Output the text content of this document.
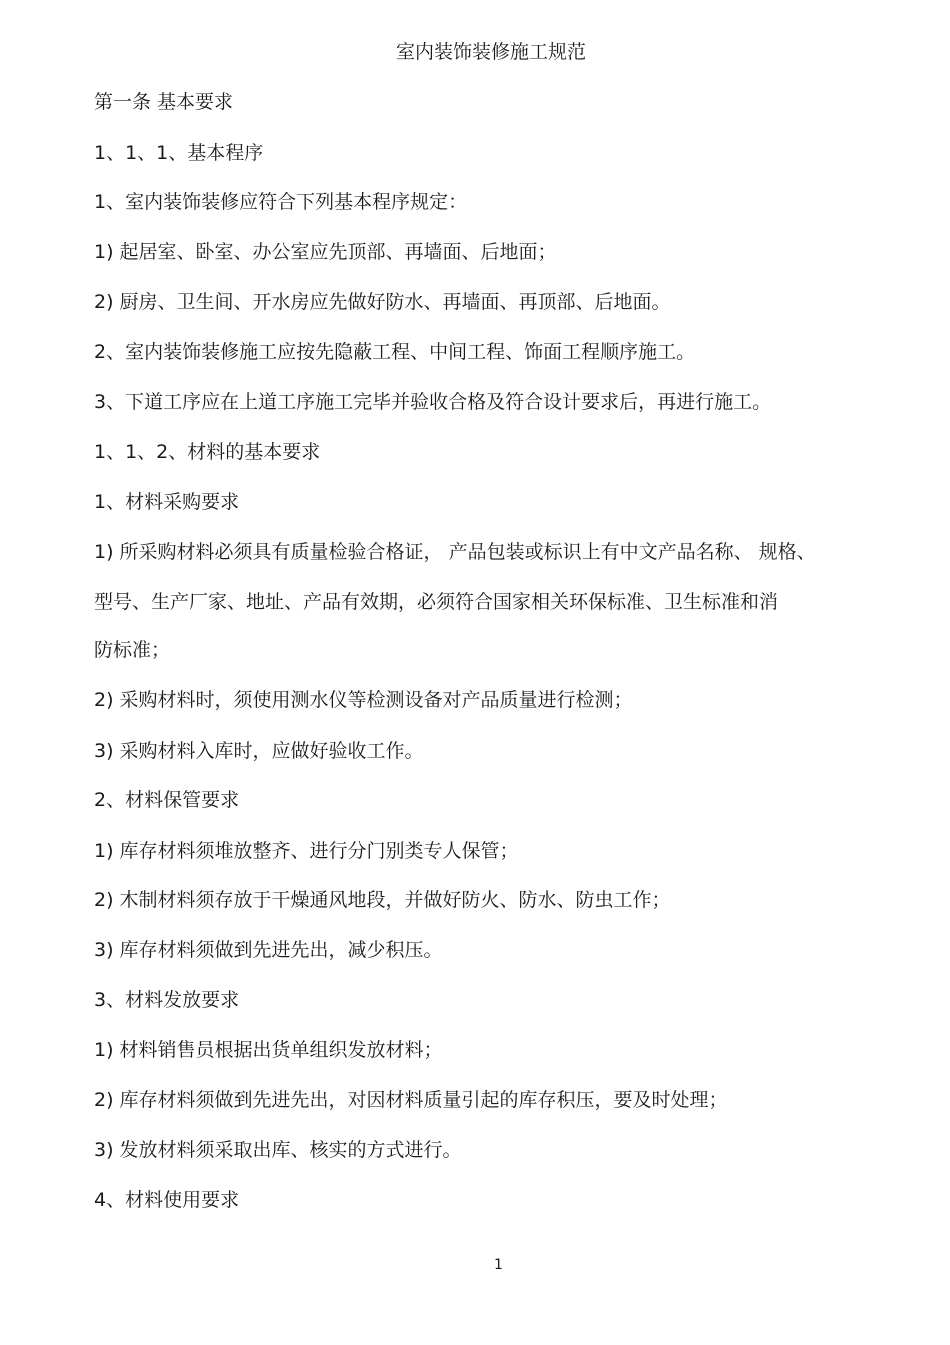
室内装饰装修施工规范
第一条 基本要求
1、1、1、基本程序
1、室内装饰装修应符合下列基本程序规定：
1) 起居室、卧室、办公室应先顶部、再墙面、后地面；
2) 厨房、卫生间、开水房应先做好防水、再墙面、再顶部、后地面。
2、室内装饰装修施工应按先隐蔽工程、中间工程、饰面工程顺序施工。
3、下道工序应在上道工序施工完毕并验收合格及符合设计要求后，再进行施工。
1、1、2、材料的基本要求
1、材料采购要求
1) 所采购材料必须具有质量检验合格证， 产品包装或标识上有中文产品名称、 规格、
型号、生产厂家、地址、产品有效期，必须符合国家相关环保标准、卫生标准和消
防标准；
2) 采购材料时，须使用测水仪等检测设备对产品质量进行检测；
3) 采购材料入库时，应做好验收工作。
2、材料保管要求
1) 库存材料须堆放整齐、进行分门别类专人保管；
2) 木制材料须存放于干燥通风地段，并做好防火、防水、防虫工作；
3) 库存材料须做到先进先出，减少积压。
3、材料发放要求
1) 材料销售员根据出货单组织发放材料；
2) 库存材料须做到先进先出，对因材料质量引起的库存积压，要及时处理；
3) 发放材料须采取出库、核实的方式进行。
4、材料使用要求
1
